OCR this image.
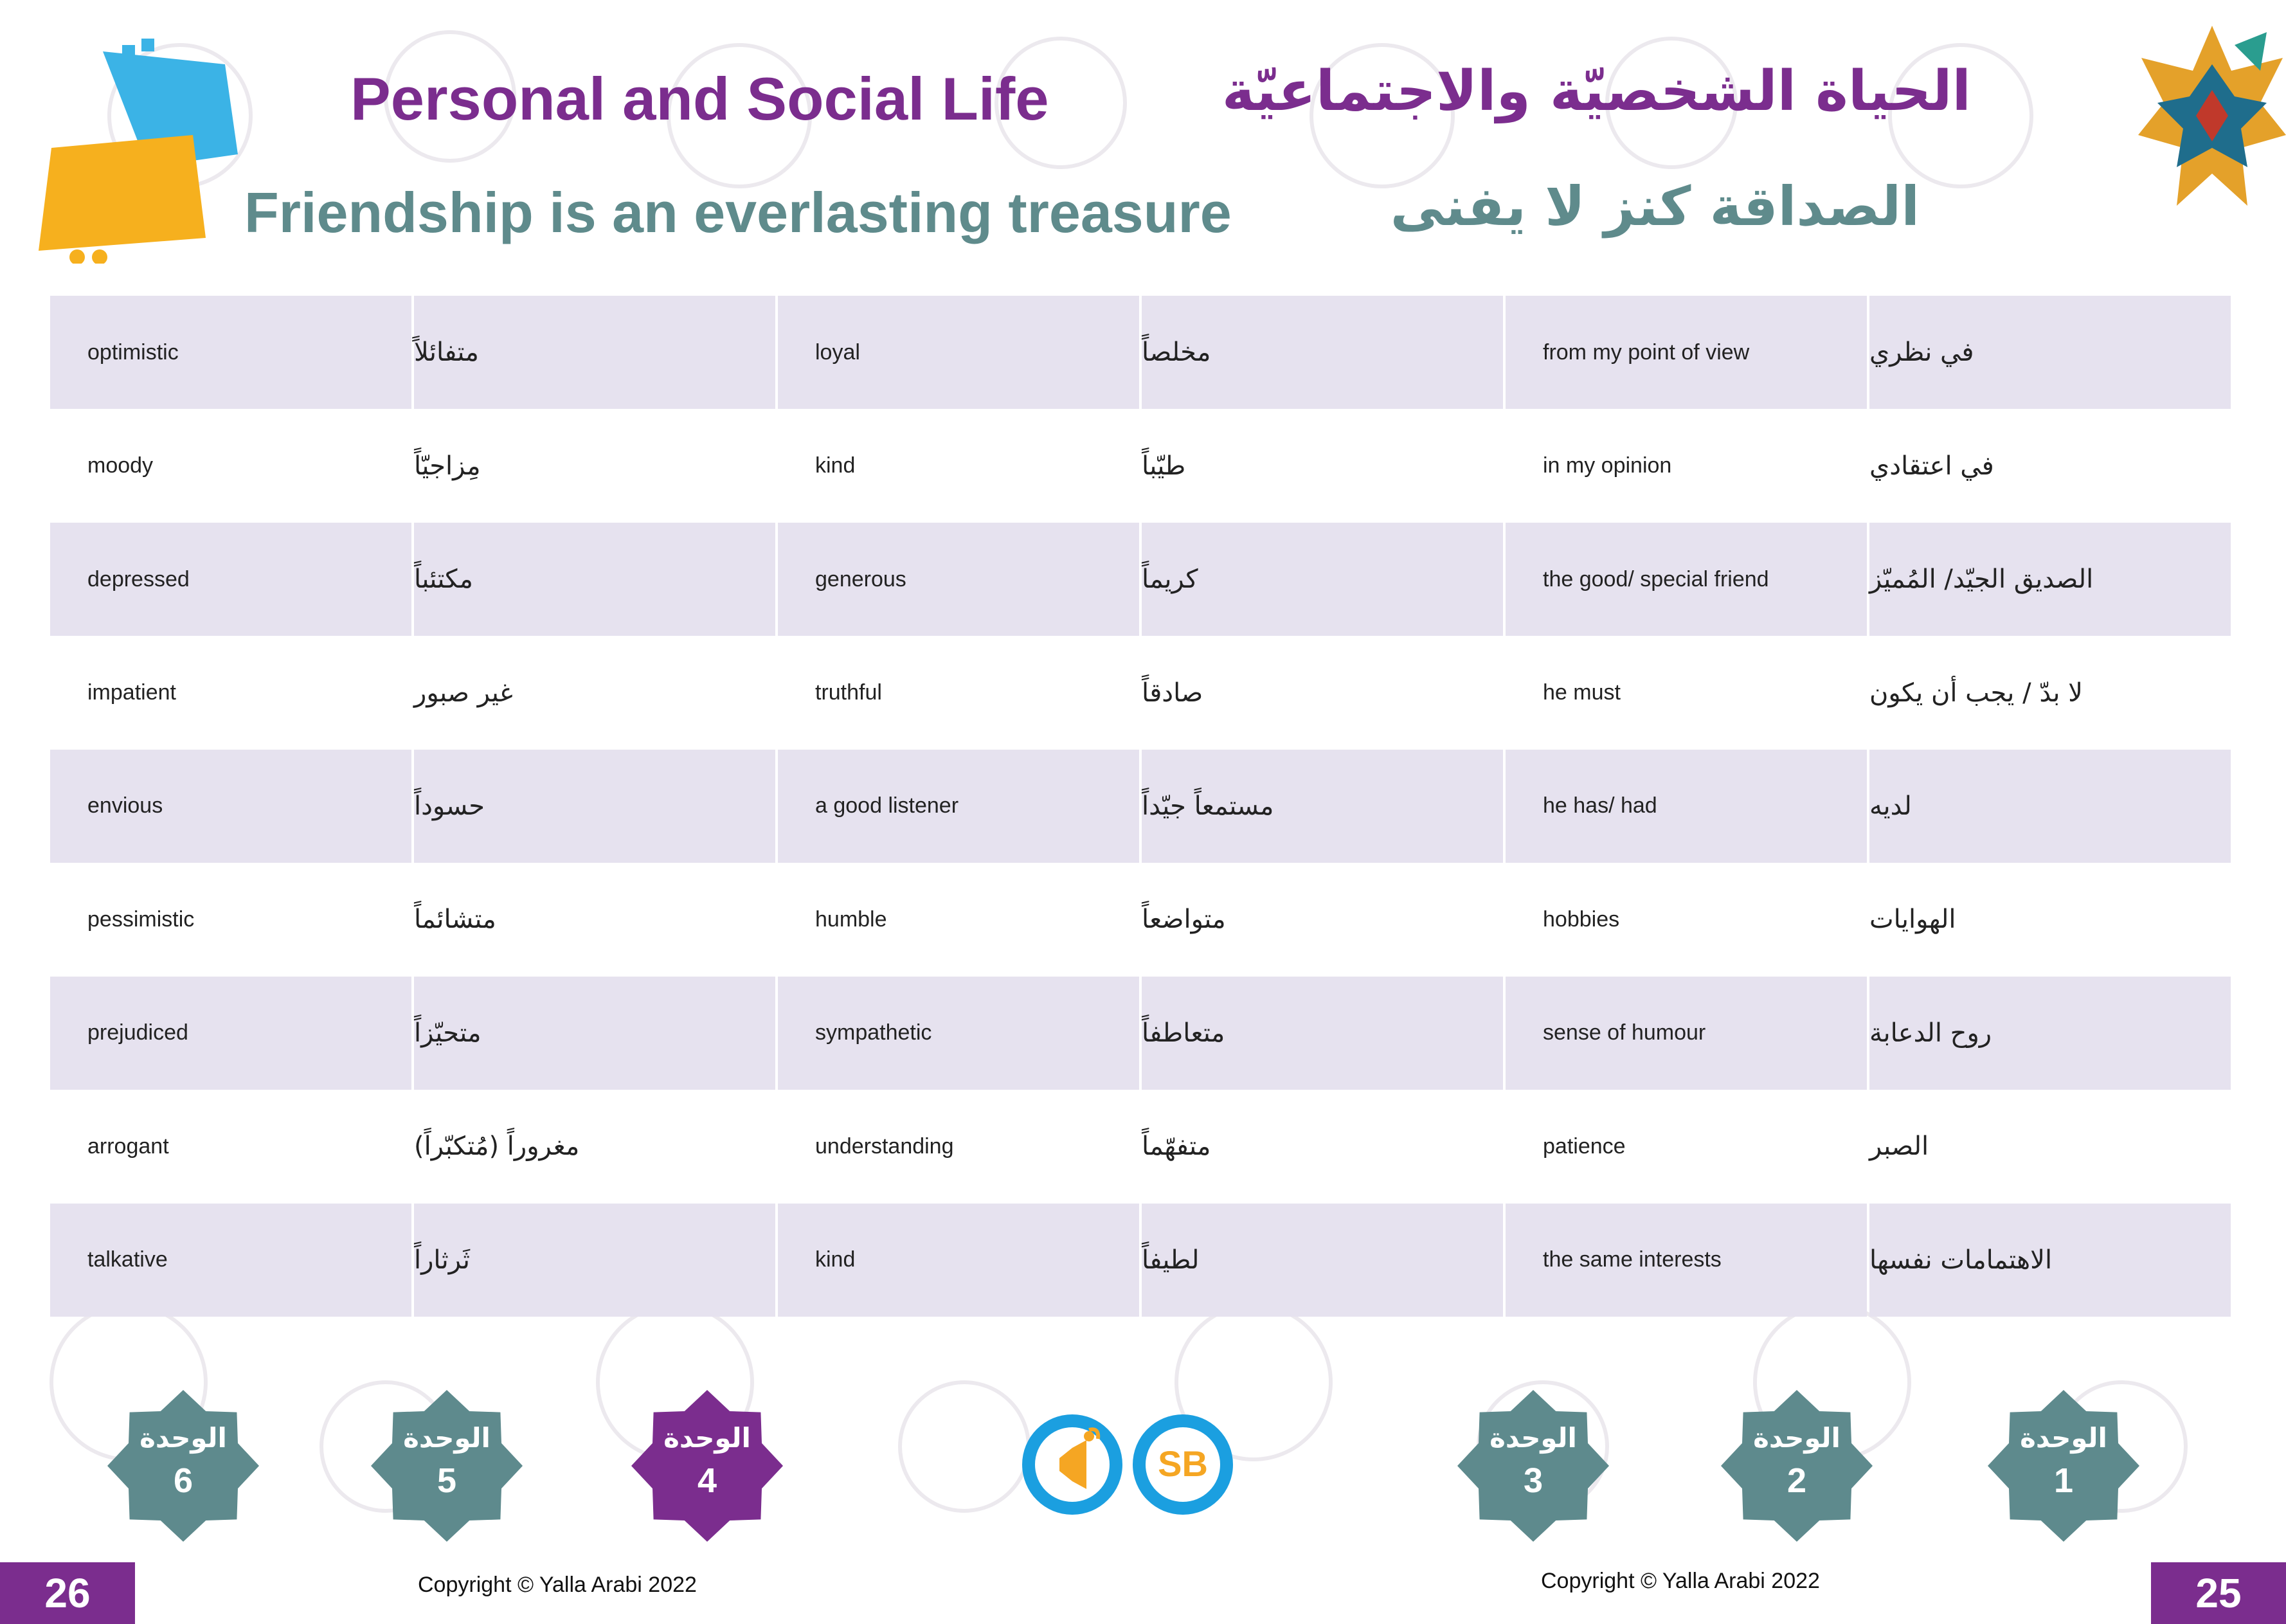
Personal and Social Life	الحياة الشخصيّة والاجتماعيّة
Friendship is an everlasting treasure	الصداقة كنز لا يفنى
optimistic	متفائلاً	loyal	مخلصاً	from my point of view	في نظري
moody	مِزاجيّاً	kind	طيّباً	in my opinion	في اعتقادي
depressed	مكتئباً	generous	كريماً	the good/ special friend	الصديق الجيّد/ المُميّز
impatient	غير صبور	truthful	صادقاً	he must	لا بدّ / يجب أن يكون
envious	حسوداً	a good listener	مستمعاً جيّداً	he has/ had	لديه
pessimistic	متشائماً	humble	متواضعاً	hobbies	الهوايات
prejudiced	متحيّزاً	sympathetic	متعاطفاً	sense of humour	روح الدعابة
arrogant	مغروراً (مُتكبّراً)	understanding	متفهّماً	patience	الصبر
talkative	ثَرثاراً	kind	لطيفاً	the same interests	الاهتمامات نفسها
الوحدة
6
الوحدة
5
الوحدة
4
الوحدة
3
الوحدة
2
الوحدة
1
SB
Copyright © Yalla Arabi 2022	Copyright © Yalla Arabi 2022
26	25
